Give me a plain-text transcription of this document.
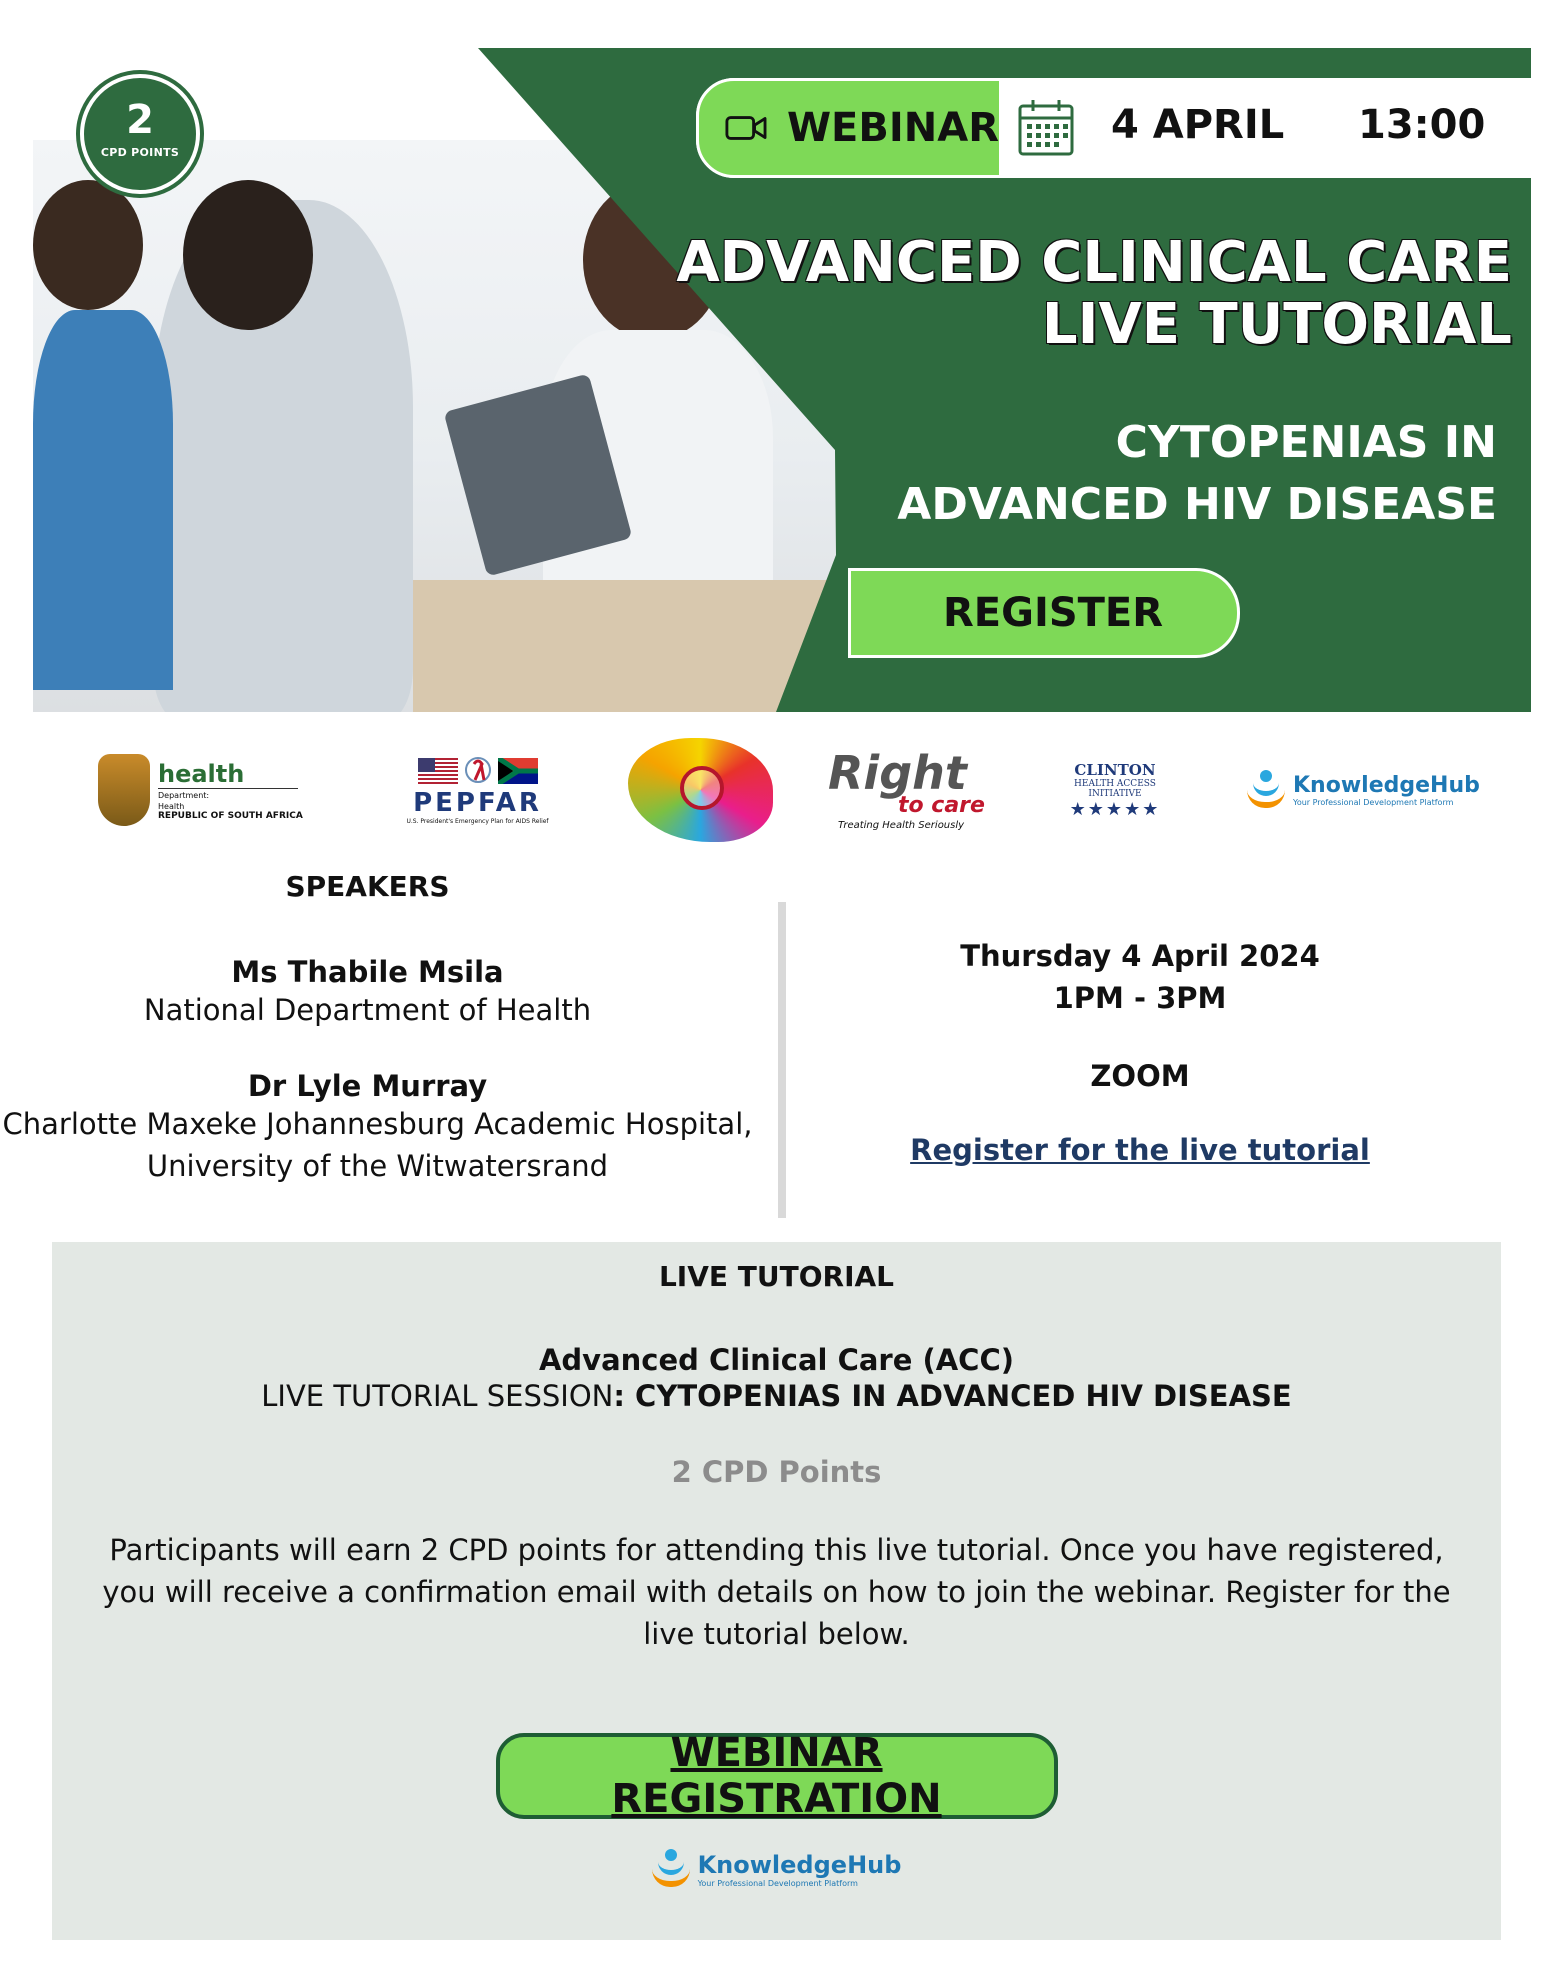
2
CPD POINTS
WEBINAR	4 APRIL 13:00
ADVANCED CLINICAL CARE
LIVE TUTORIAL
CYTOPENIAS IN
ADVANCED HIV DISEASE
REGISTER
health
Department:
Health
REPUBLIC OF SOUTH AFRICA	PEPFAR
U.S. President's Emergency Plan for AIDS Relief
Right
to care
Treating Health Seriously
CLINTON
HEALTH ACCESS
INITIATIVE
★★★★★
KnowledgeHub
Your Professional Development Platform
SPEAKERS
Ms Thabile Msila
National Department of Health
Dr Lyle Murray
Charlotte Maxeke Johannesburg Academic Hospital,
University of the Witwatersrand
Thursday 4 April 2024
1PM - 3PM
ZOOM
Register for the live tutorial
LIVE TUTORIAL
Advanced Clinical Care (ACC)
LIVE TUTORIAL SESSION: CYTOPENIAS IN ADVANCED HIV DISEASE
2 CPD Points
Participants will earn 2 CPD points for attending this live tutorial. Once you have registered, you will receive a confirmation email with details on how to join the webinar. Register for the live tutorial below.
WEBINAR REGISTRATION
KnowledgeHub
Your Professional Development Platform
